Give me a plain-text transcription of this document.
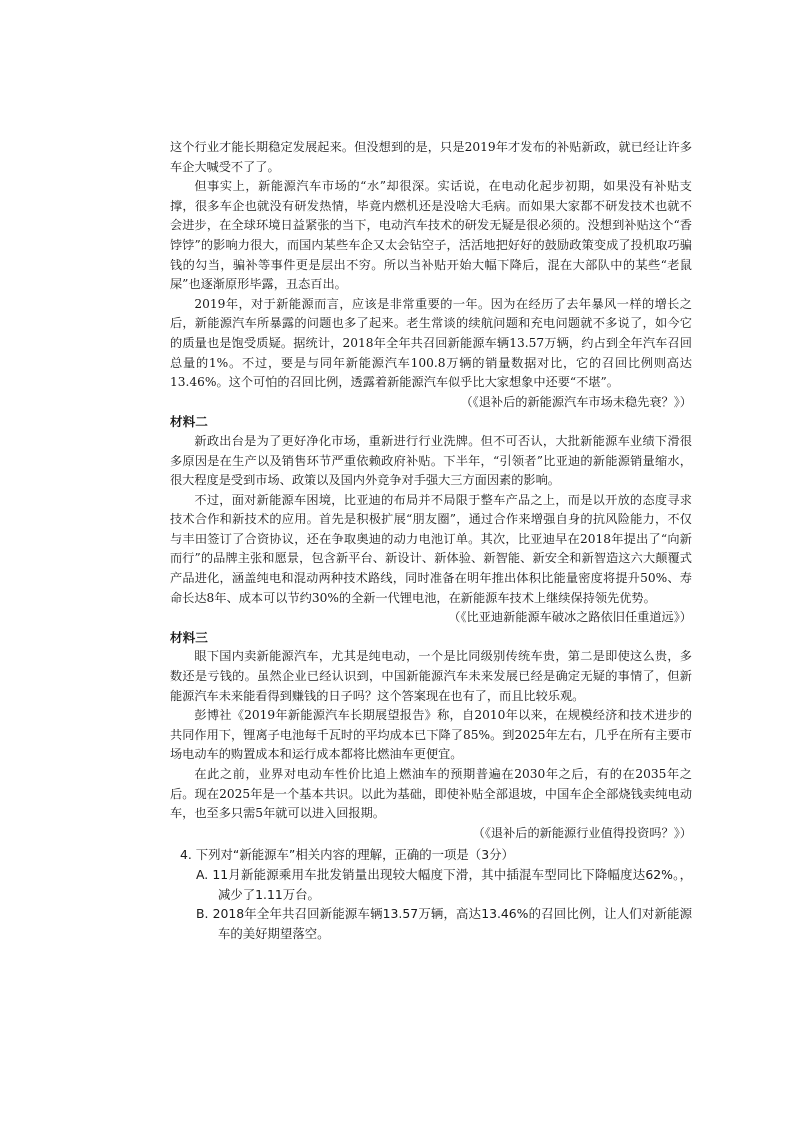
这个行业才能长期稳定发展起来。但没想到的是，只是2019年才发布的补贴新政，就已经让许多车企大喊受不了了。

但事实上，新能源汽车市场的“水”却很深。实话说，在电动化起步初期，如果没有补贴支撑，很多车企也就没有研发热情，毕竟内燃机还是没啥大毛病。而如果大家都不研发技术也就不会进步，在全球环境日益紧张的当下，电动汽车技术的研发无疑是很必须的。没想到补贴这个“香饽饽”的影响力很大，而国内某些车企又太会钻空子，活活地把好好的鼓励政策变成了投机取巧骗钱的勾当，骗补等事件更是层出不穷。所以当补贴开始大幅下降后，混在大部队中的某些“老鼠屎”也逐渐原形毕露，丑态百出。

2019年，对于新能源而言，应该是非常重要的一年。因为在经历了去年暴风一样的增长之后，新能源汽车所暴露的问题也多了起来。老生常谈的续航问题和充电问题就不多说了，如今它的质量也是饱受质疑。据统计，2018年全年共召回新能源车辆13.57万辆，约占到全年汽车召回总量的1%。不过，要是与同年新能源汽车100.8万辆的销量数据对比，它的召回比例则高达13.46%。这个可怕的召回比例，透露着新能源汽车似乎比大家想象中还要“不堪”。

（《退补后的新能源汽车市场未稳先衰？》）

材料二

新政出台是为了更好净化市场，重新进行行业洗牌。但不可否认，大批新能源车业绩下滑很多原因是在生产以及销售环节严重依赖政府补贴。下半年，“引领者”比亚迪的新能源销量缩水，很大程度是受到市场、政策以及国内外竞争对手强大三方面因素的影响。

不过，面对新能源车困境，比亚迪的布局并不局限于整车产品之上，而是以开放的态度寻求技术合作和新技术的应用。首先是积极扩展“朋友圈”，通过合作来增强自身的抗风险能力，不仅与丰田签订了合资协议，还在争取奥迪的动力电池订单。其次，比亚迪早在2018年提出了“向新而行”的品牌主张和愿景，包含新平台、新设计、新体验、新智能、新安全和新智造这六大颠覆式产品进化，涵盖纯电和混动两种技术路线，同时准备在明年推出体积比能量密度将提升50%、寿命长达8年、成本可以节约30%的全新一代锂电池，在新能源车技术上继续保持领先优势。

（《比亚迪新能源车破冰之路依旧任重道远》）

材料三

眼下国内卖新能源汽车，尤其是纯电动，一个是比同级别传统车贵，第二是即使这么贵，多数还是亏钱的。虽然企业已经认识到，中国新能源汽车未来发展已经是确定无疑的事情了，但新能源汽车未来能看得到赚钱的日子吗？这个答案现在也有了，而且比较乐观。

彭博社《2019年新能源汽车长期展望报告》称，自2010年以来，在规模经济和技术进步的共同作用下，锂离子电池每千瓦时的平均成本已下降了85%。到2025年左右，几乎在所有主要市场电动车的购置成本和运行成本都将比燃油车更便宜。

在此之前，业界对电动车性价比追上燃油车的预期普遍在2030年之后，有的在2035年之后。现在2025年是一个基本共识。以此为基础，即使补贴全部退坡，中国车企全部烧钱卖纯电动车，也至多只需5年就可以进入回报期。

（《退补后的新能源行业值得投资吗？》）

4. 下列对“新能源车”相关内容的理解，正确的一项是（3分）

A. 11月新能源乘用车批发销量出现较大幅度下滑，其中插混车型同比下降幅度达62%。，减少了1.11万台。

B. 2018年全年共召回新能源车辆13.57万辆，高达13.46%的召回比例，让人们对新能源车的美好期望落空。
